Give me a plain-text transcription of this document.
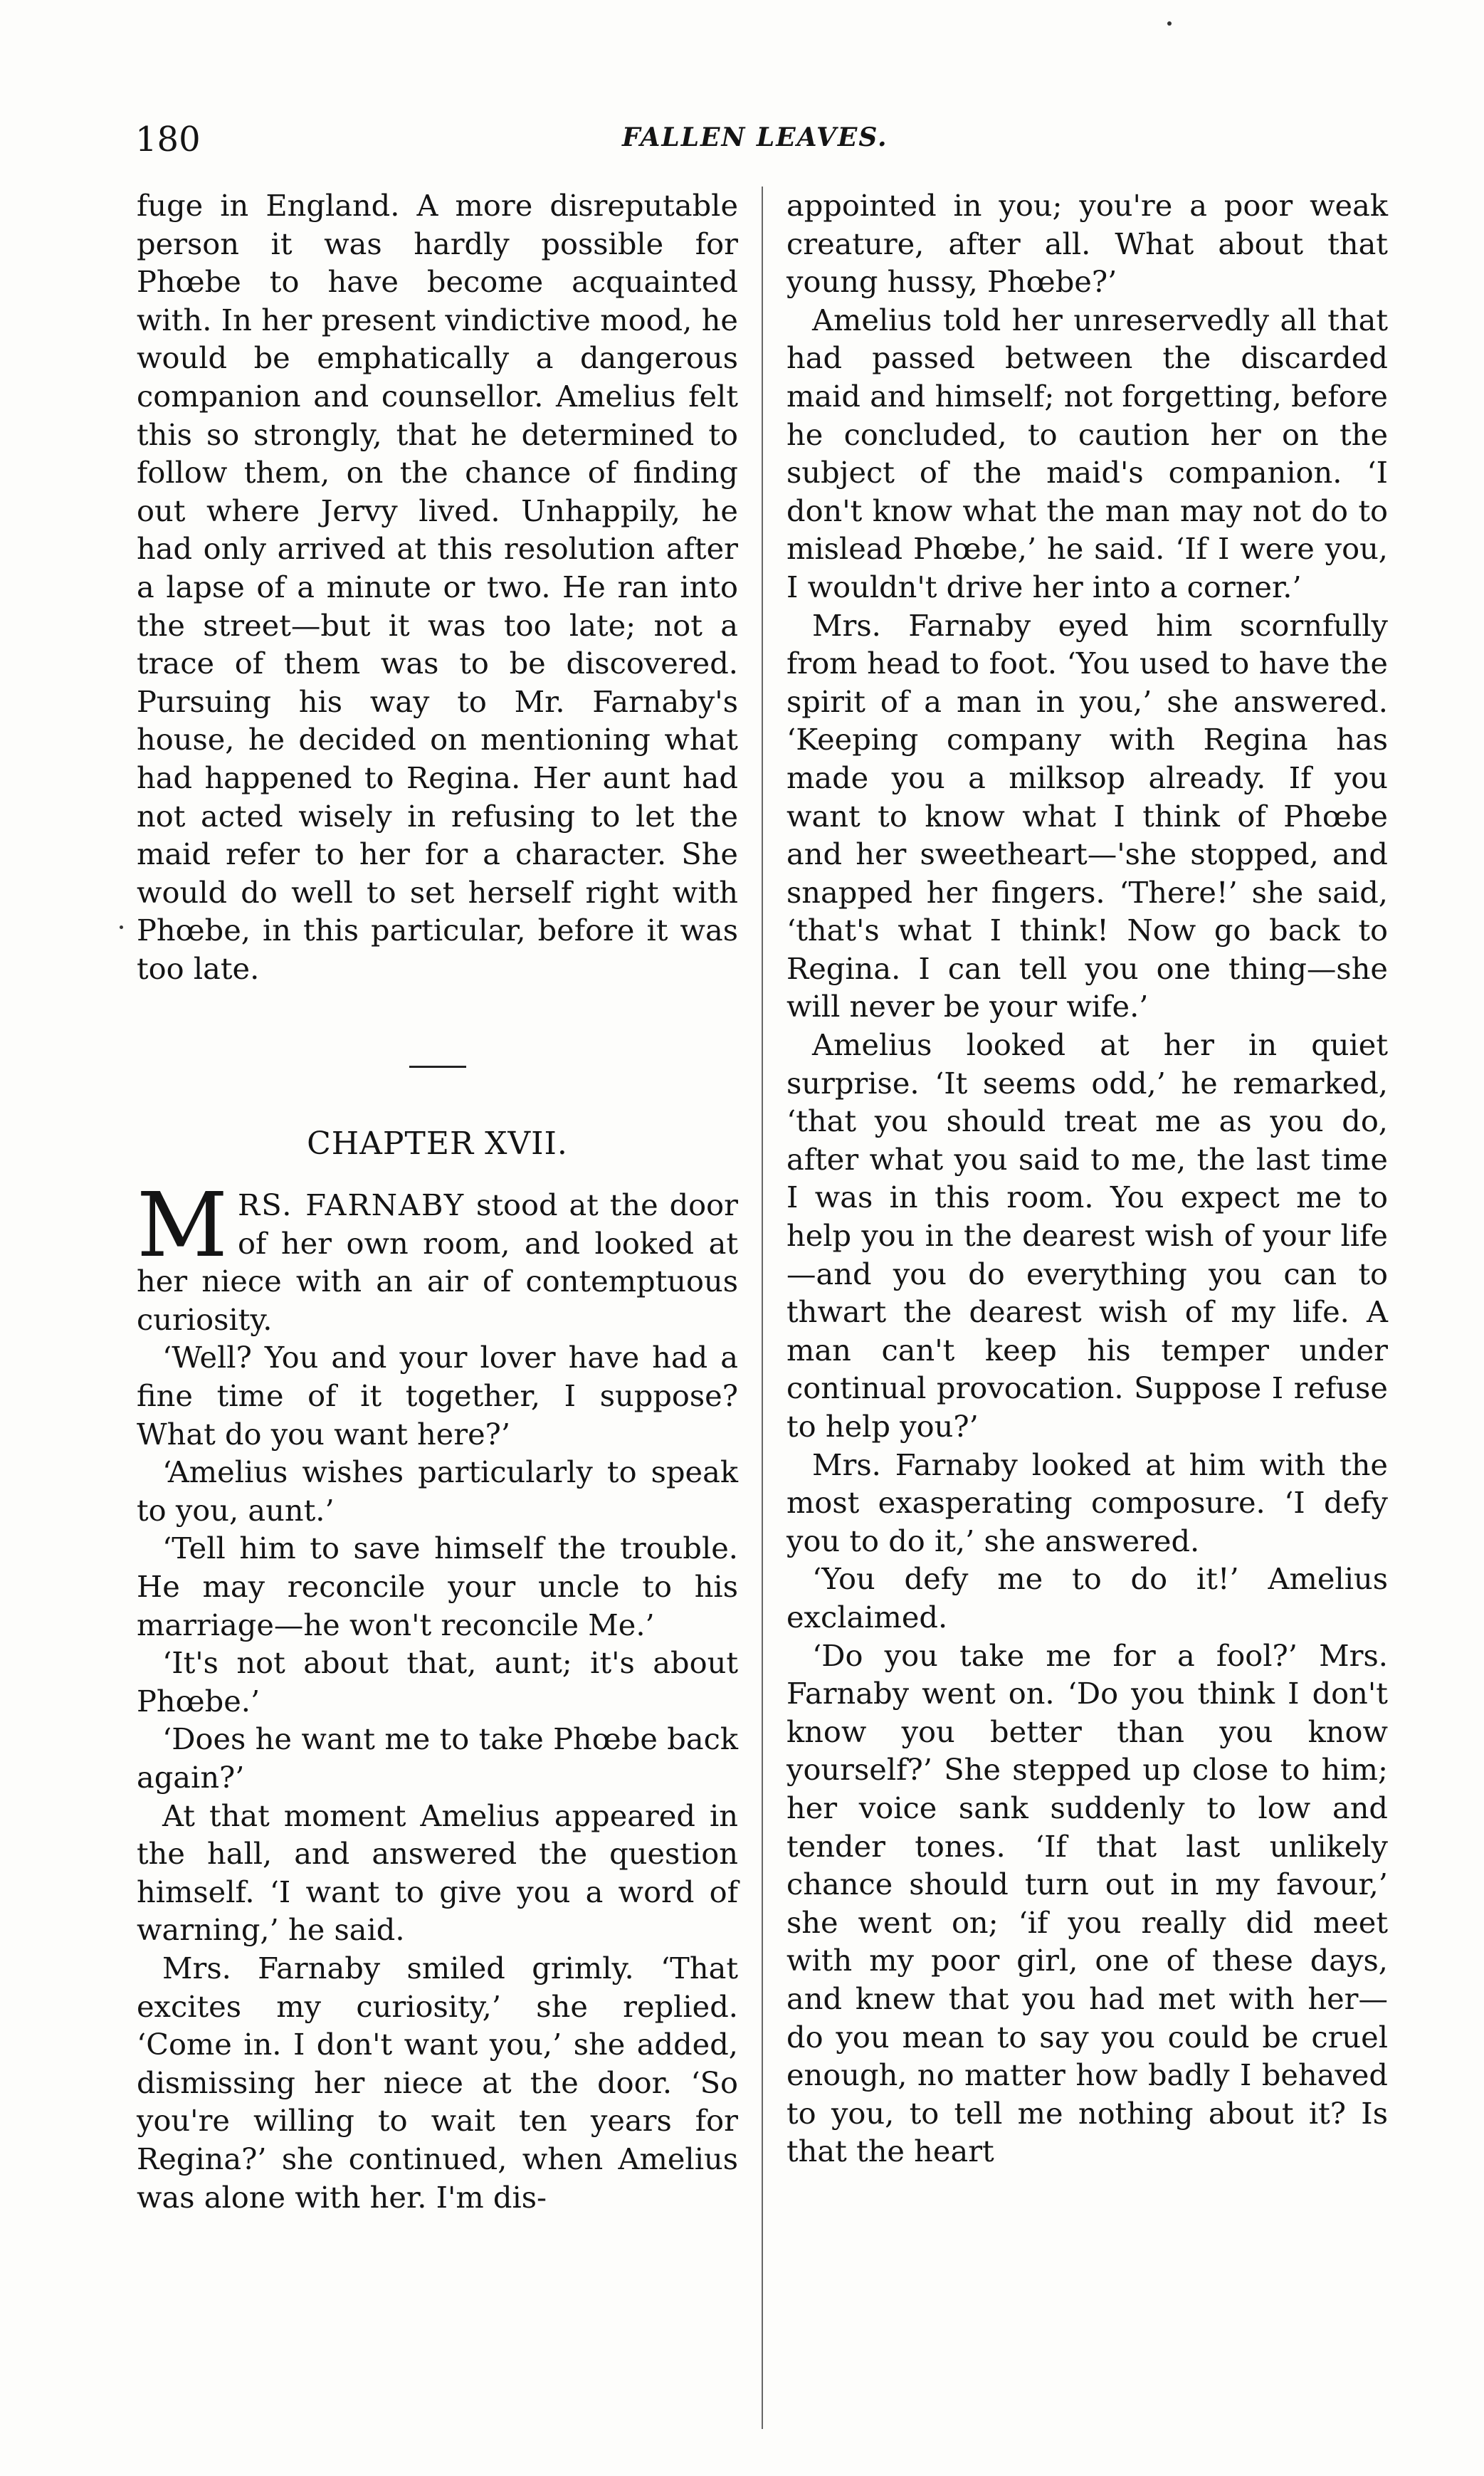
180	FALLEN LEAVES.

fuge in England. A more disreputable person it was hardly possible for Phœbe to have become acquainted with. In her present vindictive mood, he would be emphatically a dangerous companion and counsellor. Amelius felt this so strongly, that he determined to follow them, on the chance of finding out where Jervy lived. Unhappily, he had only arrived at this resolution after a lapse of a minute or two. He ran into the street—but it was too late; not a trace of them was to be discovered. Pursuing his way to Mr. Farnaby's house, he decided on mentioning what had happened to Regina. Her aunt had not acted wisely in refusing to let the maid refer to her for a character. She would do well to set herself right with Phœbe, in this particular, before it was too late.

CHAPTER XVII.

MRS. FARNABY stood at the door of her own room, and looked at her niece with an air of contemptuous curiosity.

‘Well? You and your lover have had a fine time of it together, I suppose? What do you want here?’

‘Amelius wishes particularly to speak to you, aunt.’

‘Tell him to save himself the trouble. He may reconcile your uncle to his marriage—he won't reconcile Me.’

‘It's not about that, aunt; it's about Phœbe.’

‘Does he want me to take Phœbe back again?’

At that moment Amelius appeared in the hall, and answered the question himself. ‘I want to give you a word of warning,’ he said.

Mrs. Farnaby smiled grimly. ‘That excites my curiosity,’ she replied. ‘Come in. I don't want you,’ she added, dismissing her niece at the door. ‘So you're willing to wait ten years for Regina?’ she continued, when Amelius was alone with her. I'm dis-

appointed in you; you're a poor weak creature, after all. What about that young hussy, Phœbe?’

Amelius told her unreservedly all that had passed between the discarded maid and himself; not forgetting, before he concluded, to caution her on the subject of the maid's companion. ‘I don't know what the man may not do to mislead Phœbe,’ he said. ‘If I were you, I wouldn't drive her into a corner.’

Mrs. Farnaby eyed him scornfully from head to foot. ‘You used to have the spirit of a man in you,’ she answered. ‘Keeping company with Regina has made you a milksop already. If you want to know what I think of Phœbe and her sweetheart—'she stopped, and snapped her fingers. ‘There!’ she said, ‘that's what I think! Now go back to Regina. I can tell you one thing—she will never be your wife.’

Amelius looked at her in quiet surprise. ‘It seems odd,’ he remarked, ‘that you should treat me as you do, after what you said to me, the last time I was in this room. You expect me to help you in the dearest wish of your life—and you do everything you can to thwart the dearest wish of my life. A man can't keep his temper under continual provocation. Suppose I refuse to help you?’

Mrs. Farnaby looked at him with the most exasperating composure. ‘I defy you to do it,’ she answered.

‘You defy me to do it!’ Amelius exclaimed.

‘Do you take me for a fool?’ Mrs. Farnaby went on. ‘Do you think I don't know you better than you know yourself?’ She stepped up close to him; her voice sank suddenly to low and tender tones. ‘If that last unlikely chance should turn out in my favour,’ she went on; ‘if you really did meet with my poor girl, one of these days, and knew that you had met with her—do you mean to say you could be cruel enough, no matter how badly I behaved to you, to tell me nothing about it? Is that the heart
